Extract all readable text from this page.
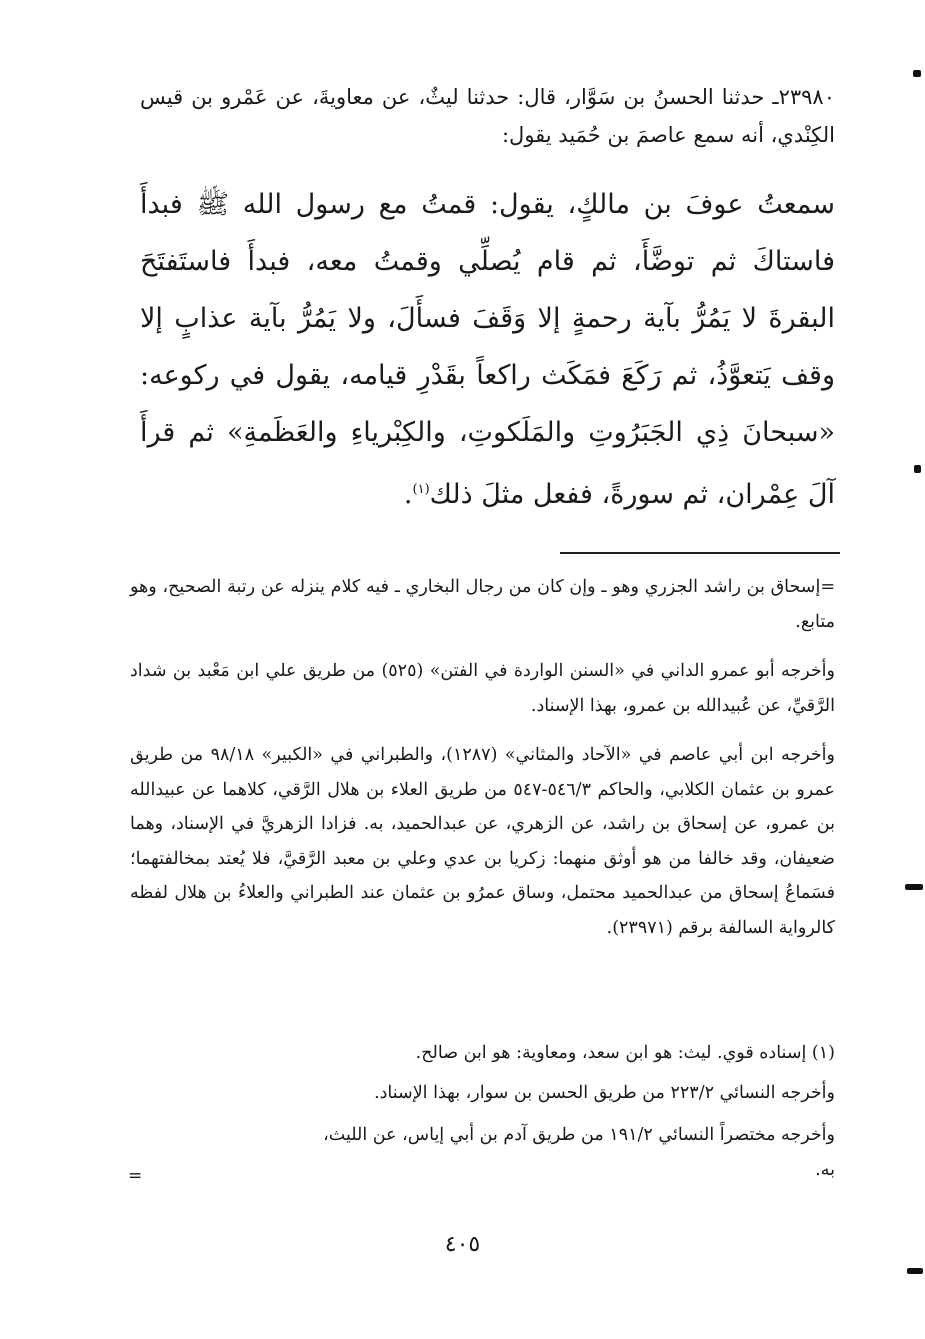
٢٣٩٨٠ـ حدثنا الحسنُ بن سَوَّار، قال: حدثنا ليثٌ، عن معاويةَ، عن عَمْرو بن قيس الكِنْدي، أنه سمع عاصمَ بن حُمَيد يقول:

سمعتُ عوفَ بن مالكٍ، يقول: قمتُ مع رسول الله ﷺ فبدأَ فاستاكَ ثم توضَّأَ، ثم قام يُصلِّي وقمتُ معه، فبدأَ فاستَفتَحَ البقرةَ لا يَمُرُّ بآية رحمةٍ إلا وَقَفَ فسأَلَ، ولا يَمُرُّ بآية عذابٍ إلا وقف يَتعوَّذُ، ثم رَكَعَ فمَكَث راكعاً بقَدْرِ قيامه، يقول في ركوعه: «سبحانَ ذِي الجَبَرُوتِ والمَلَكوتِ، والكِبْرياءِ والعَظَمةِ» ثم قرأَ آلَ عِمْران، ثم سورةً، ففعل مثلَ ذلك$^{(١)}$.

=إسحاق بن راشد الجزري وهو ـ وإن كان من رجال البخاري ـ فيه كلام ينزله عن رتبة الصحيح، وهو متابع.

وأخرجه أبو عمرو الداني في «السنن الواردة في الفتن» (٥٢٥) من طريق علي ابن مَعْبد بن شداد الرَّقيِّ، عن عُبيدالله بن عمرو، بهذا الإسناد.

وأخرجه ابن أبي عاصم في «الآحاد والمثاني» (١٢٨٧)، والطبراني في «الكبير» ٩٨/١٨ من طريق عمرو بن عثمان الكلابي، والحاكم ٥٤٦/٣-٥٤٧ من طريق العلاء بن هلال الرَّقي، كلاهما عن عبيدالله بن عمرو، عن إسحاق بن راشد، عن الزهري، عن عبدالحميد، به. فزادا الزهريَّ في الإسناد، وهما ضعيفان، وقد خالفا من هو أوثق منهما: زكريا بن عدي وعلي بن معبد الرَّقيَّ، فلا يُعتد بمخالفتهما؛ فسَماعُ إسحاق من عبدالحميد محتمل، وساق عمرُو بن عثمان عند الطبراني والعلاءُ بن هلال لفظه كالرواية السالفة برقم (٢٣٩٧١).

(١) إسناده قوي. ليث: هو ابن سعد، ومعاوية: هو ابن صالح.

وأخرجه النسائي ٢٢٣/٢ من طريق الحسن بن سوار، بهذا الإسناد.

وأخرجه مختصراً النسائي ١٩١/٢ من طريق آدم بن أبي إياس، عن الليث،
به.

=
٤٠٥
